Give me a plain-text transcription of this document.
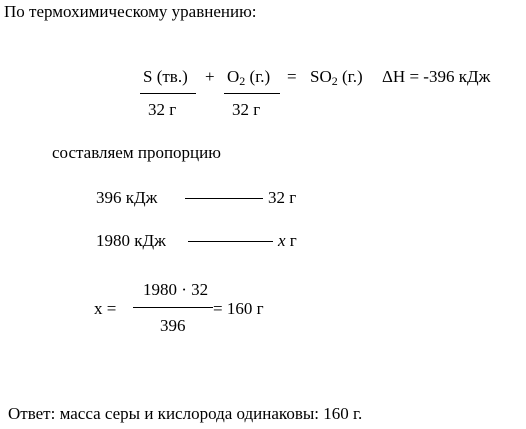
По термохимическому уравнению:
S $(тв.) + O_2$ $(г.) = SO_2$ (г.) ΔH = -396 кДж
32 г	32 г
составляем пропорцию
396 кДж	32 г
1980 кДж	x г
x =
1980 · 32
396
= 160 г
Ответ: масса серы и кислорода одинаковы: 160 г.
